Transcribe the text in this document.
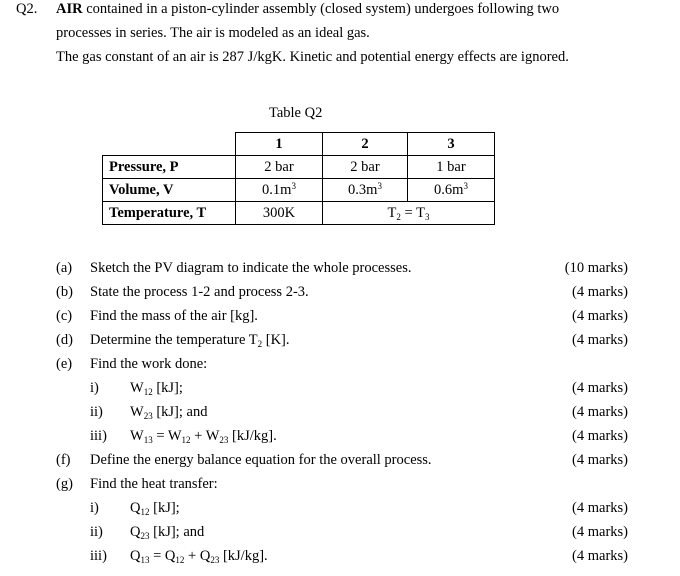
Q2. AIR contained in a piston-cylinder assembly (closed system) undergoes following two
processes in series. The air is modeled as an ideal gas.
The gas constant of an air is 287 J/kgK. Kinetic and potential energy effects are ignored.
Table Q2
	1	2	3
Pressure, P	2 bar	2 bar	1 bar
Volume, V	$0.1m^3$	$0.3m^3$	$0.6m^3$
Temperature, T	300K	$T_2 = T_3$
(a) Sketch the PV diagram to indicate the whole processes.	(10 marks)
(b) State the process 1-2 and process 2-3.	(4 marks)
(c) Find the mass of the air [kg].	(4 marks)
(d) Determine the temperature $T_2$ [K].	(4 marks)
(e) Find the work done:
i) $W_{12}$ [kJ];	(4 marks)
ii) $W_{23}$ [kJ]; and	(4 marks)
iii) $W_{13} = W_{12} + W_{23}$ [kJ/kg].	(4 marks)
(f) Define the energy balance equation for the overall process.	(4 marks)
(g) Find the heat transfer:
i) $Q_{12}$ [kJ];	(4 marks)
ii) $Q_{23}$ [kJ]; and	(4 marks)
iii) $Q_{13} = Q_{12} + Q_{23}$ [kJ/kg].	(4 marks)
